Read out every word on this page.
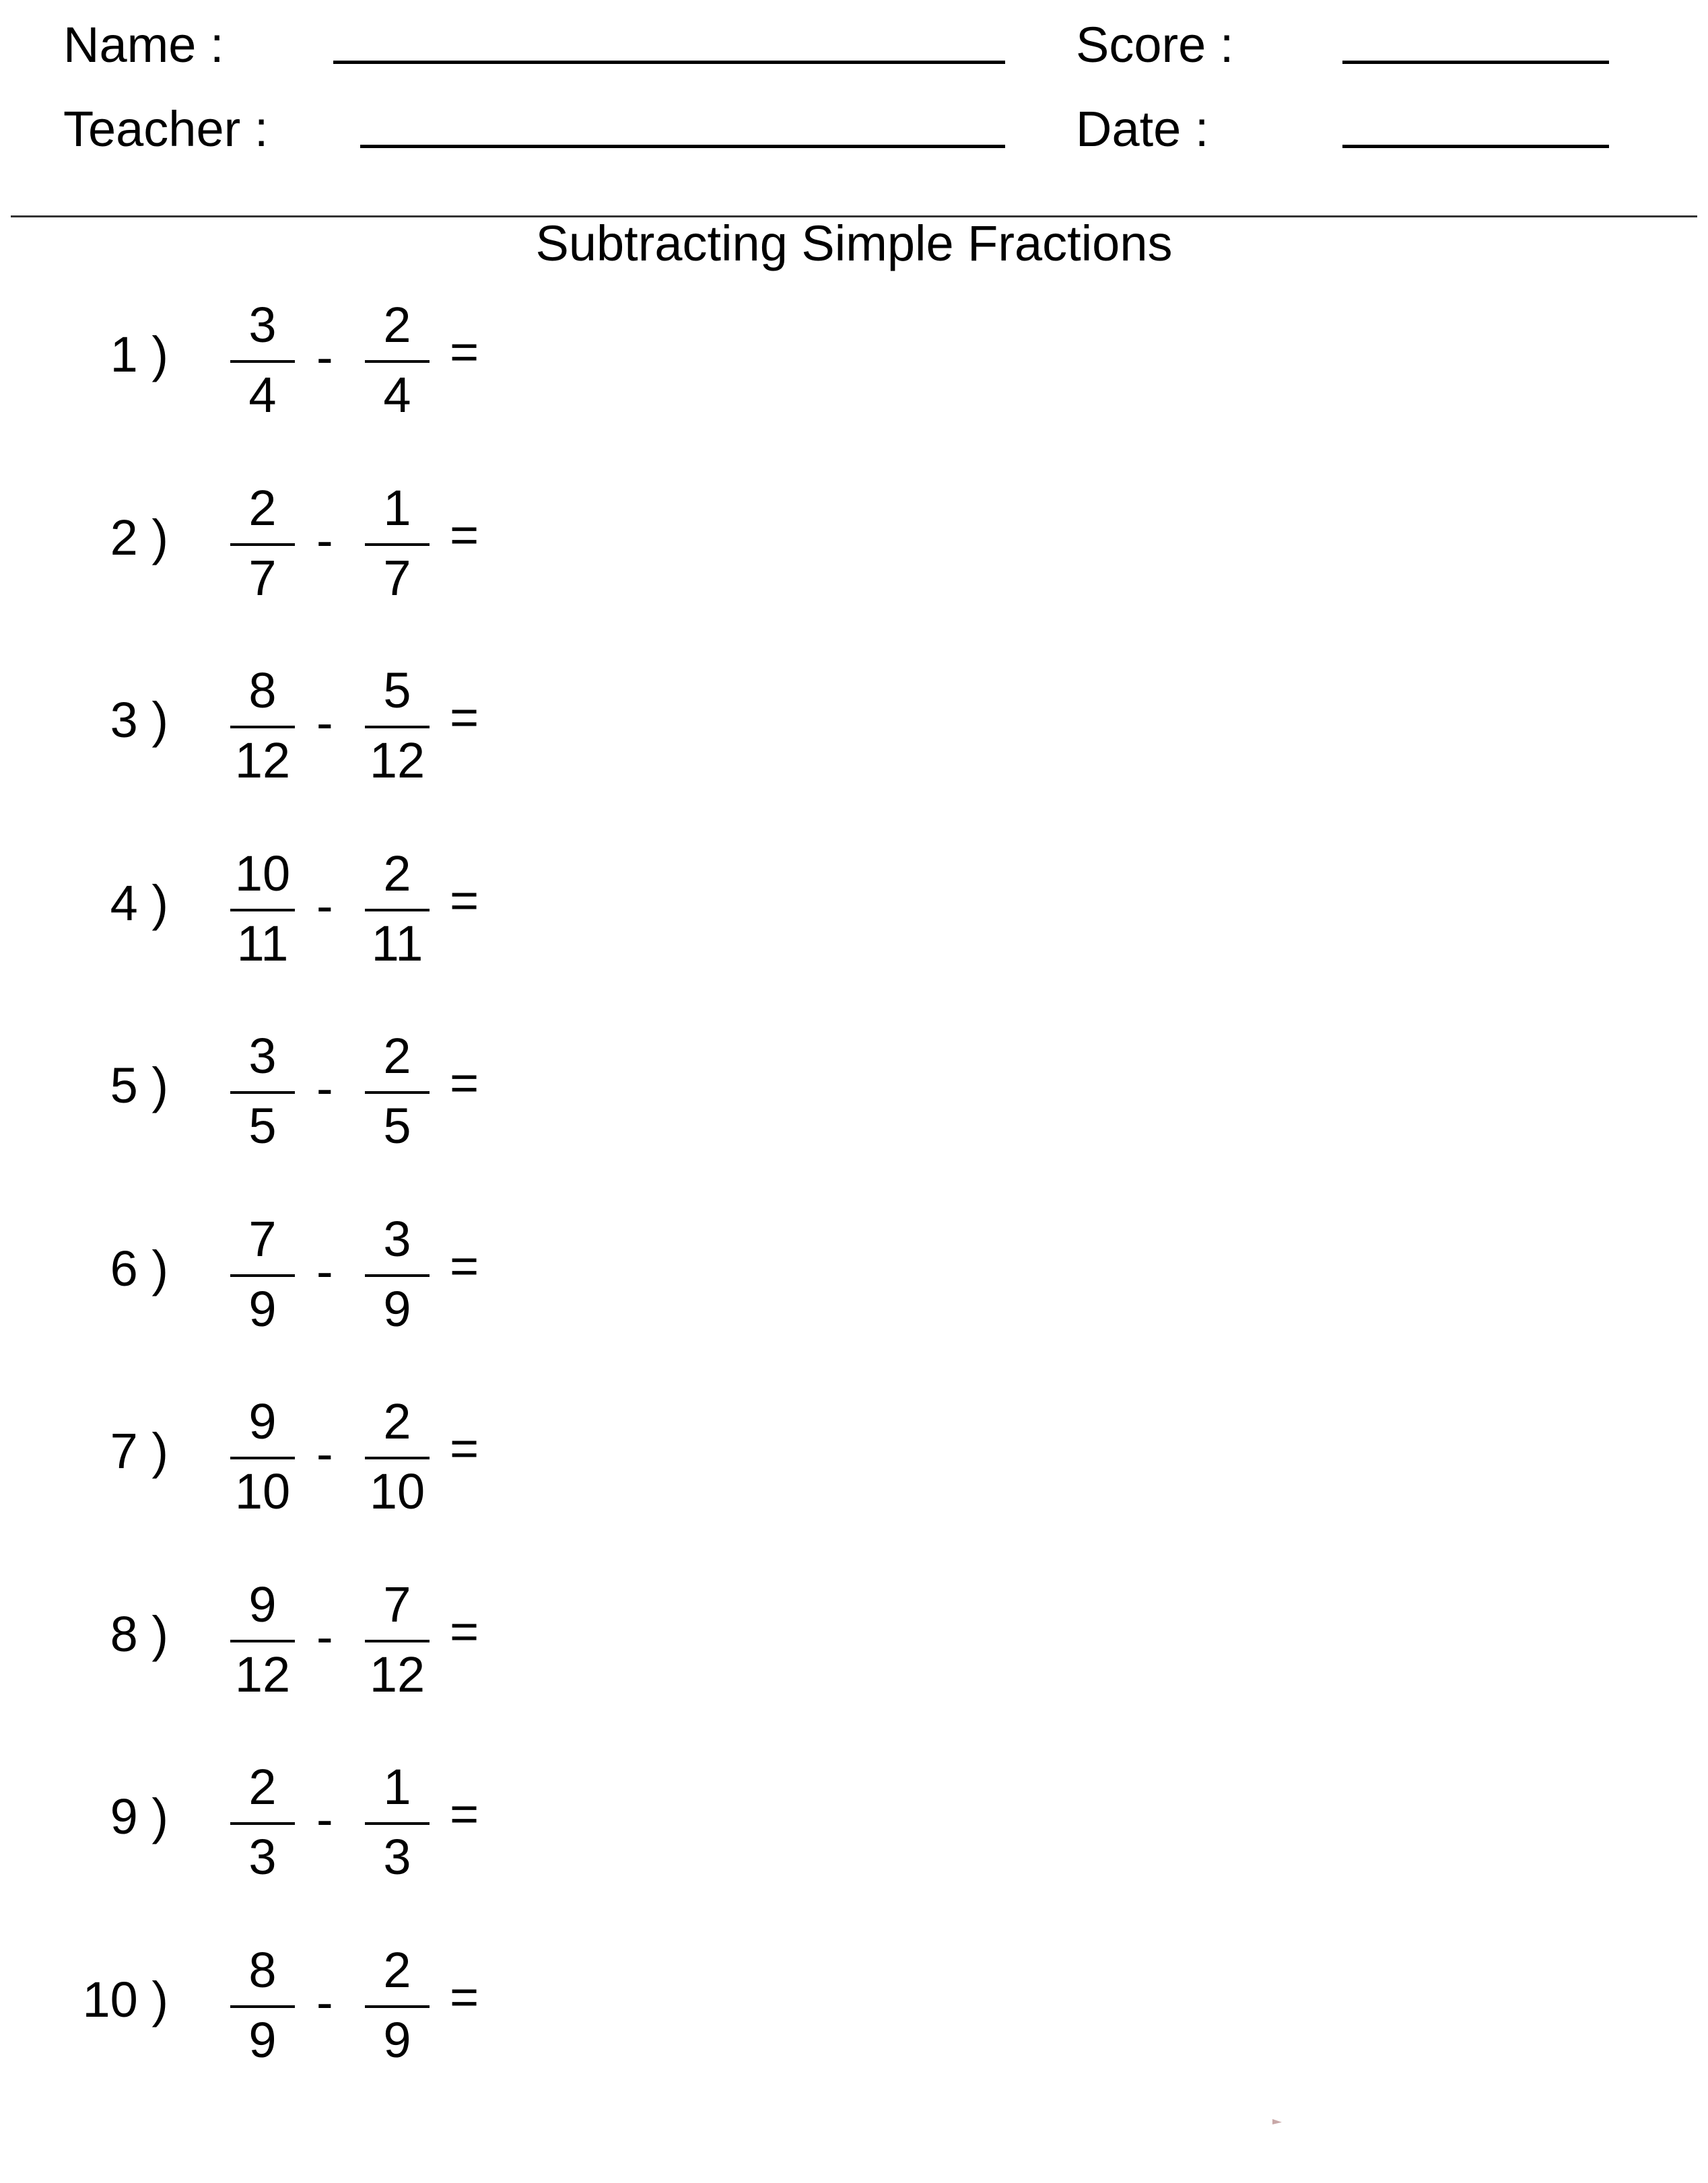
Name :
Teacher :
Score :
Date :
Subtracting Simple Fractions
1 )
3
4
-
2
4
=
2 )
2
7
-
1
7
=
3 )
8
12
-
5
12
=
4 )
10
11
-
2
11
=
5 )
3
5
-
2
5
=
6 )
7
9
-
3
9
=
7 )
9
10
-
2
10
=
8 )
9
12
-
7
12
=
9 )
2
3
-
1
3
=
10 )
8
9
-
2
9
=
